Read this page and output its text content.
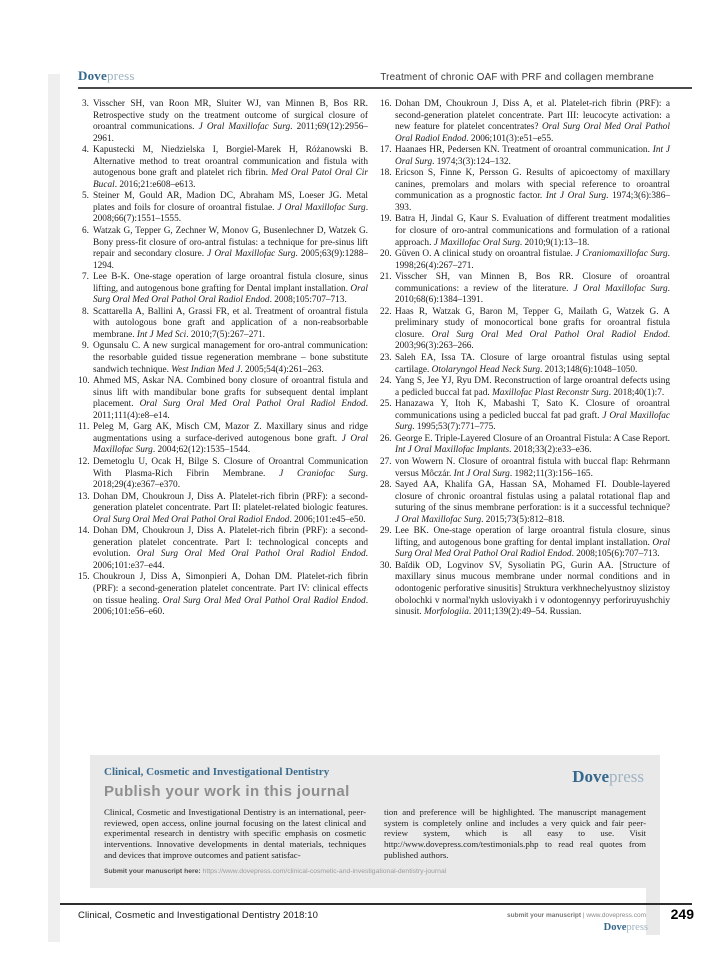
Dovepress	Treatment of chronic OAF with PRF and collagen membrane
3. Visscher SH, van Roon MR, Sluiter WJ, van Minnen B, Bos RR. Retrospective study on the treatment outcome of surgical closure of oroantral communications. J Oral Maxillofac Surg. 2011;69(12):2956–2961.
4. Kapustecki M, Niedzielska I, Borgiel-Marek H, Różanowski B. Alternative method to treat oroantral communication and fistula with autogenous bone graft and platelet rich fibrin. Med Oral Patol Oral Cir Bucal. 2016;21:e608–e613.
5. Steiner M, Gould AR, Madion DC, Abraham MS, Loeser JG. Metal plates and foils for closure of oroantral fistulae. J Oral Maxillofac Surg. 2008;66(7):1551–1555.
6. Watzak G, Tepper G, Zechner W, Monov G, Busenlechner D, Watzek G. Bony press-fit closure of oro-antral fistulas: a technique for pre-sinus lift repair and secondary closure. J Oral Maxillofac Surg. 2005;63(9):1288–1294.
7. Lee B-K. One-stage operation of large oroantral fistula closure, sinus lifting, and autogenous bone grafting for Dental implant installation. Oral Surg Oral Med Oral Pathol Oral Radiol Endod. 2008;105:707–713.
8. Scattarella A, Ballini A, Grassi FR, et al. Treatment of oroantral fistula with autologous bone graft and application of a non-reabsorbable membrane. Int J Med Sci. 2010;7(5):267–271.
9. Ogunsalu C. A new surgical management for oro-antral communication: the resorbable guided tissue regeneration membrane – bone substitute sandwich technique. West Indian Med J. 2005;54(4):261–263.
10. Ahmed MS, Askar NA. Combined bony closure of oroantral fistula and sinus lift with mandibular bone grafts for subsequent dental implant placement. Oral Surg Oral Med Oral Pathol Oral Radiol Endod. 2011;111(4):e8–e14.
11. Peleg M, Garg AK, Misch CM, Mazor Z. Maxillary sinus and ridge augmentations using a surface-derived autogenous bone graft. J Oral Maxillofac Surg. 2004;62(12):1535–1544.
12. Demetoglu U, Ocak H, Bilge S. Closure of Oroantral Communication With Plasma-Rich Fibrin Membrane. J Craniofac Surg. 2018;29(4):e367–e370.
13. Dohan DM, Choukroun J, Diss A. Platelet-rich fibrin (PRF): a second-generation platelet concentrate. Part II: platelet-related biologic features. Oral Surg Oral Med Oral Pathol Oral Radiol Endod. 2006;101:e45–e50.
14. Dohan DM, Choukroun J, Diss A. Platelet-rich fibrin (PRF): a second-generation platelet concentrate. Part I: technological concepts and evolution. Oral Surg Oral Med Oral Pathol Oral Radiol Endod. 2006;101:e37–e44.
15. Choukroun J, Diss A, Simonpieri A, Dohan DM. Platelet-rich fibrin (PRF): a second-generation platelet concentrate. Part IV: clinical effects on tissue healing. Oral Surg Oral Med Oral Pathol Oral Radiol Endod. 2006;101:e56–e60.
16. Dohan DM, Choukroun J, Diss A, et al. Platelet-rich fibrin (PRF): a second-generation platelet concentrate. Part III: leucocyte activation: a new feature for platelet concentrates? Oral Surg Oral Med Oral Pathol Oral Radiol Endod. 2006;101(3):e51–e55.
17. Haanaes HR, Pedersen KN. Treatment of oroantral communication. Int J Oral Surg. 1974;3(3):124–132.
18. Ericson S, Finne K, Persson G. Results of apicoectomy of maxillary canines, premolars and molars with special reference to oroantral communication as a prognostic factor. Int J Oral Surg. 1974;3(6):386–393.
19. Batra H, Jindal G, Kaur S. Evaluation of different treatment modalities for closure of oro-antral communications and formulation of a rational approach. J Maxillofac Oral Surg. 2010;9(1):13–18.
20. Güven O. A clinical study on oroantral fistulae. J Craniomaxillofac Surg. 1998;26(4):267–271.
21. Visscher SH, van Minnen B, Bos RR. Closure of oroantral communications: a review of the literature. J Oral Maxillofac Surg. 2010;68(6):1384–1391.
22. Haas R, Watzak G, Baron M, Tepper G, Mailath G, Watzek G. A preliminary study of monocortical bone grafts for oroantral fistula closure. Oral Surg Oral Med Oral Pathol Oral Radiol Endod. 2003;96(3):263–266.
23. Saleh EA, Issa TA. Closure of large oroantral fistulas using septal cartilage. Otolaryngol Head Neck Surg. 2013;148(6):1048–1050.
24. Yang S, Jee YJ, Ryu DM. Reconstruction of large oroantral defects using a pedicled buccal fat pad. Maxillofac Plast Reconstr Surg. 2018;40(1):7.
25. Hanazawa Y, Itoh K, Mabashi T, Sato K. Closure of oroantral communications using a pedicled buccal fat pad graft. J Oral Maxillofac Surg. 1995;53(7):771–775.
26. George E. Triple-Layered Closure of an Oroantral Fistula: A Case Report. Int J Oral Maxillofac Implants. 2018;33(2):e33–e36.
27. von Wowern N. Closure of oroantral fistula with buccal flap: Rehrmann versus Môczár. Int J Oral Surg. 1982;11(3):156–165.
28. Sayed AA, Khalifa GA, Hassan SA, Mohamed FI. Double-layered closure of chronic oroantral fistulas using a palatal rotational flap and suturing of the sinus membrane perforation: is it a successful technique? J Oral Maxillofac Surg. 2015;73(5):812–818.
29. Lee BK. One-stage operation of large oroantral fistula closure, sinus lifting, and autogenous bone grafting for dental implant installation. Oral Surg Oral Med Oral Pathol Oral Radiol Endod. 2008;105(6):707–713.
30. Baĭdik OD, Logvinov SV, Sysoliatin PG, Gurin AA. [Structure of maxillary sinus mucous membrane under normal conditions and in odontogenic perforative sinusitis] Struktura verkhnechelyustnoy slizistoy obolochki v normal'nykh usloviyakh i v odontogennyy perforiruyushchiy sinusit. Morfologiia. 2011;139(2):49–54. Russian.
Clinical, Cosmetic and Investigational Dentistry	Dovepress
Publish your work in this journal
Clinical, Cosmetic and Investigational Dentistry is an international, peer-reviewed, open access, online journal focusing on the latest clinical and experimental research in dentistry with specific emphasis on cosmetic interventions. Innovative developments in dental materials, techniques and devices that improve outcomes and patient satisfac-
tion and preference will be highlighted. The manuscript management system is completely online and includes a very quick and fair peer-review system, which is all easy to use. Visit http://www.dovepress.com/testimonials.php to read real quotes from published authors.
Submit your manuscript here: https://www.dovepress.com/clinical-cosmetic-and-investigational-dentistry-journal
Clinical, Cosmetic and Investigational Dentistry 2018:10	submit your manuscript | www.dovepress.com 249
Dovepress
